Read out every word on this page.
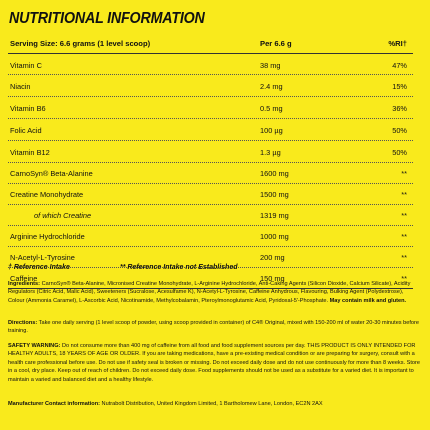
NUTRITIONAL INFORMATION
Serving Size: 6.6 grams (1 level scoop)	Per 6.6 g	%RI†
Vitamin C	38 mg	47%
Niacin	2.4 mg	15%
Vitamin B6	0.5 mg	36%
Folic Acid	100 µg	50%
Vitamin B12	1.3 µg	50%
CarnoSyn® Beta-Alanine	1600 mg	**
Creatine Monohydrate	1500 mg	**
of which Creatine	1319 mg	**
Arginine Hydrochloride	1000 mg	**
N-Acetyl-L-Tyrosine	200 mg	**
Caffeine	150 mg	**
† Reference Intake	** Reference Intake not Established
Ingredients: CarnoSyn® Beta-Alanine, Micronised Creatine Monohydrate, L-Arginine Hydrochloride, Anti-Caking Agents (Silicon Dioxide, Calcium Silicate), Acidity Regulators (Citric Acid, Malic Acid), Sweeteners (Sucralose, Acesulfame K), N-Acetyl-L-Tyrosine, Caffeine Anhydrous, Flavouring, Bulking Agent (Polydextrose), Colour (Ammonia Caramel), L-Ascorbic Acid, Nicotinamide, Methylcobalamin, Pteroylmonoglutamic Acid, Pyridoxal-5'-Phosphate. May contain milk and gluten.
Directions: Take one daily serving (1 level scoop of powder, using scoop provided in container) of C4® Original, mixed with 150-200 ml of water 20-30 minutes before training.
SAFETY WARNING: Do not consume more than 400 mg of caffeine from all food and food supplement sources per day. THIS PRODUCT IS ONLY INTENDED FOR HEALTHY ADULTS, 18 YEARS OF AGE OR OLDER. If you are taking medications, have a pre-existing medical condition or are preparing for surgery, consult with a health care professional before use. Do not use if safety seal is broken or missing. Do not exceed daily dose and do not use continuously for more than 8 weeks. Store in a cool, dry place. Keep out of reach of children. Do not exceed daily dose. Food supplements should not be used as a substitute for a varied diet. It is important to maintain a varied and balanced diet and a healthy lifestyle.
Manufacturer Contact information: Nutrabolt Distribution, United Kingdom Limited, 1 Bartholomew Lane, London, EC2N 2AX
